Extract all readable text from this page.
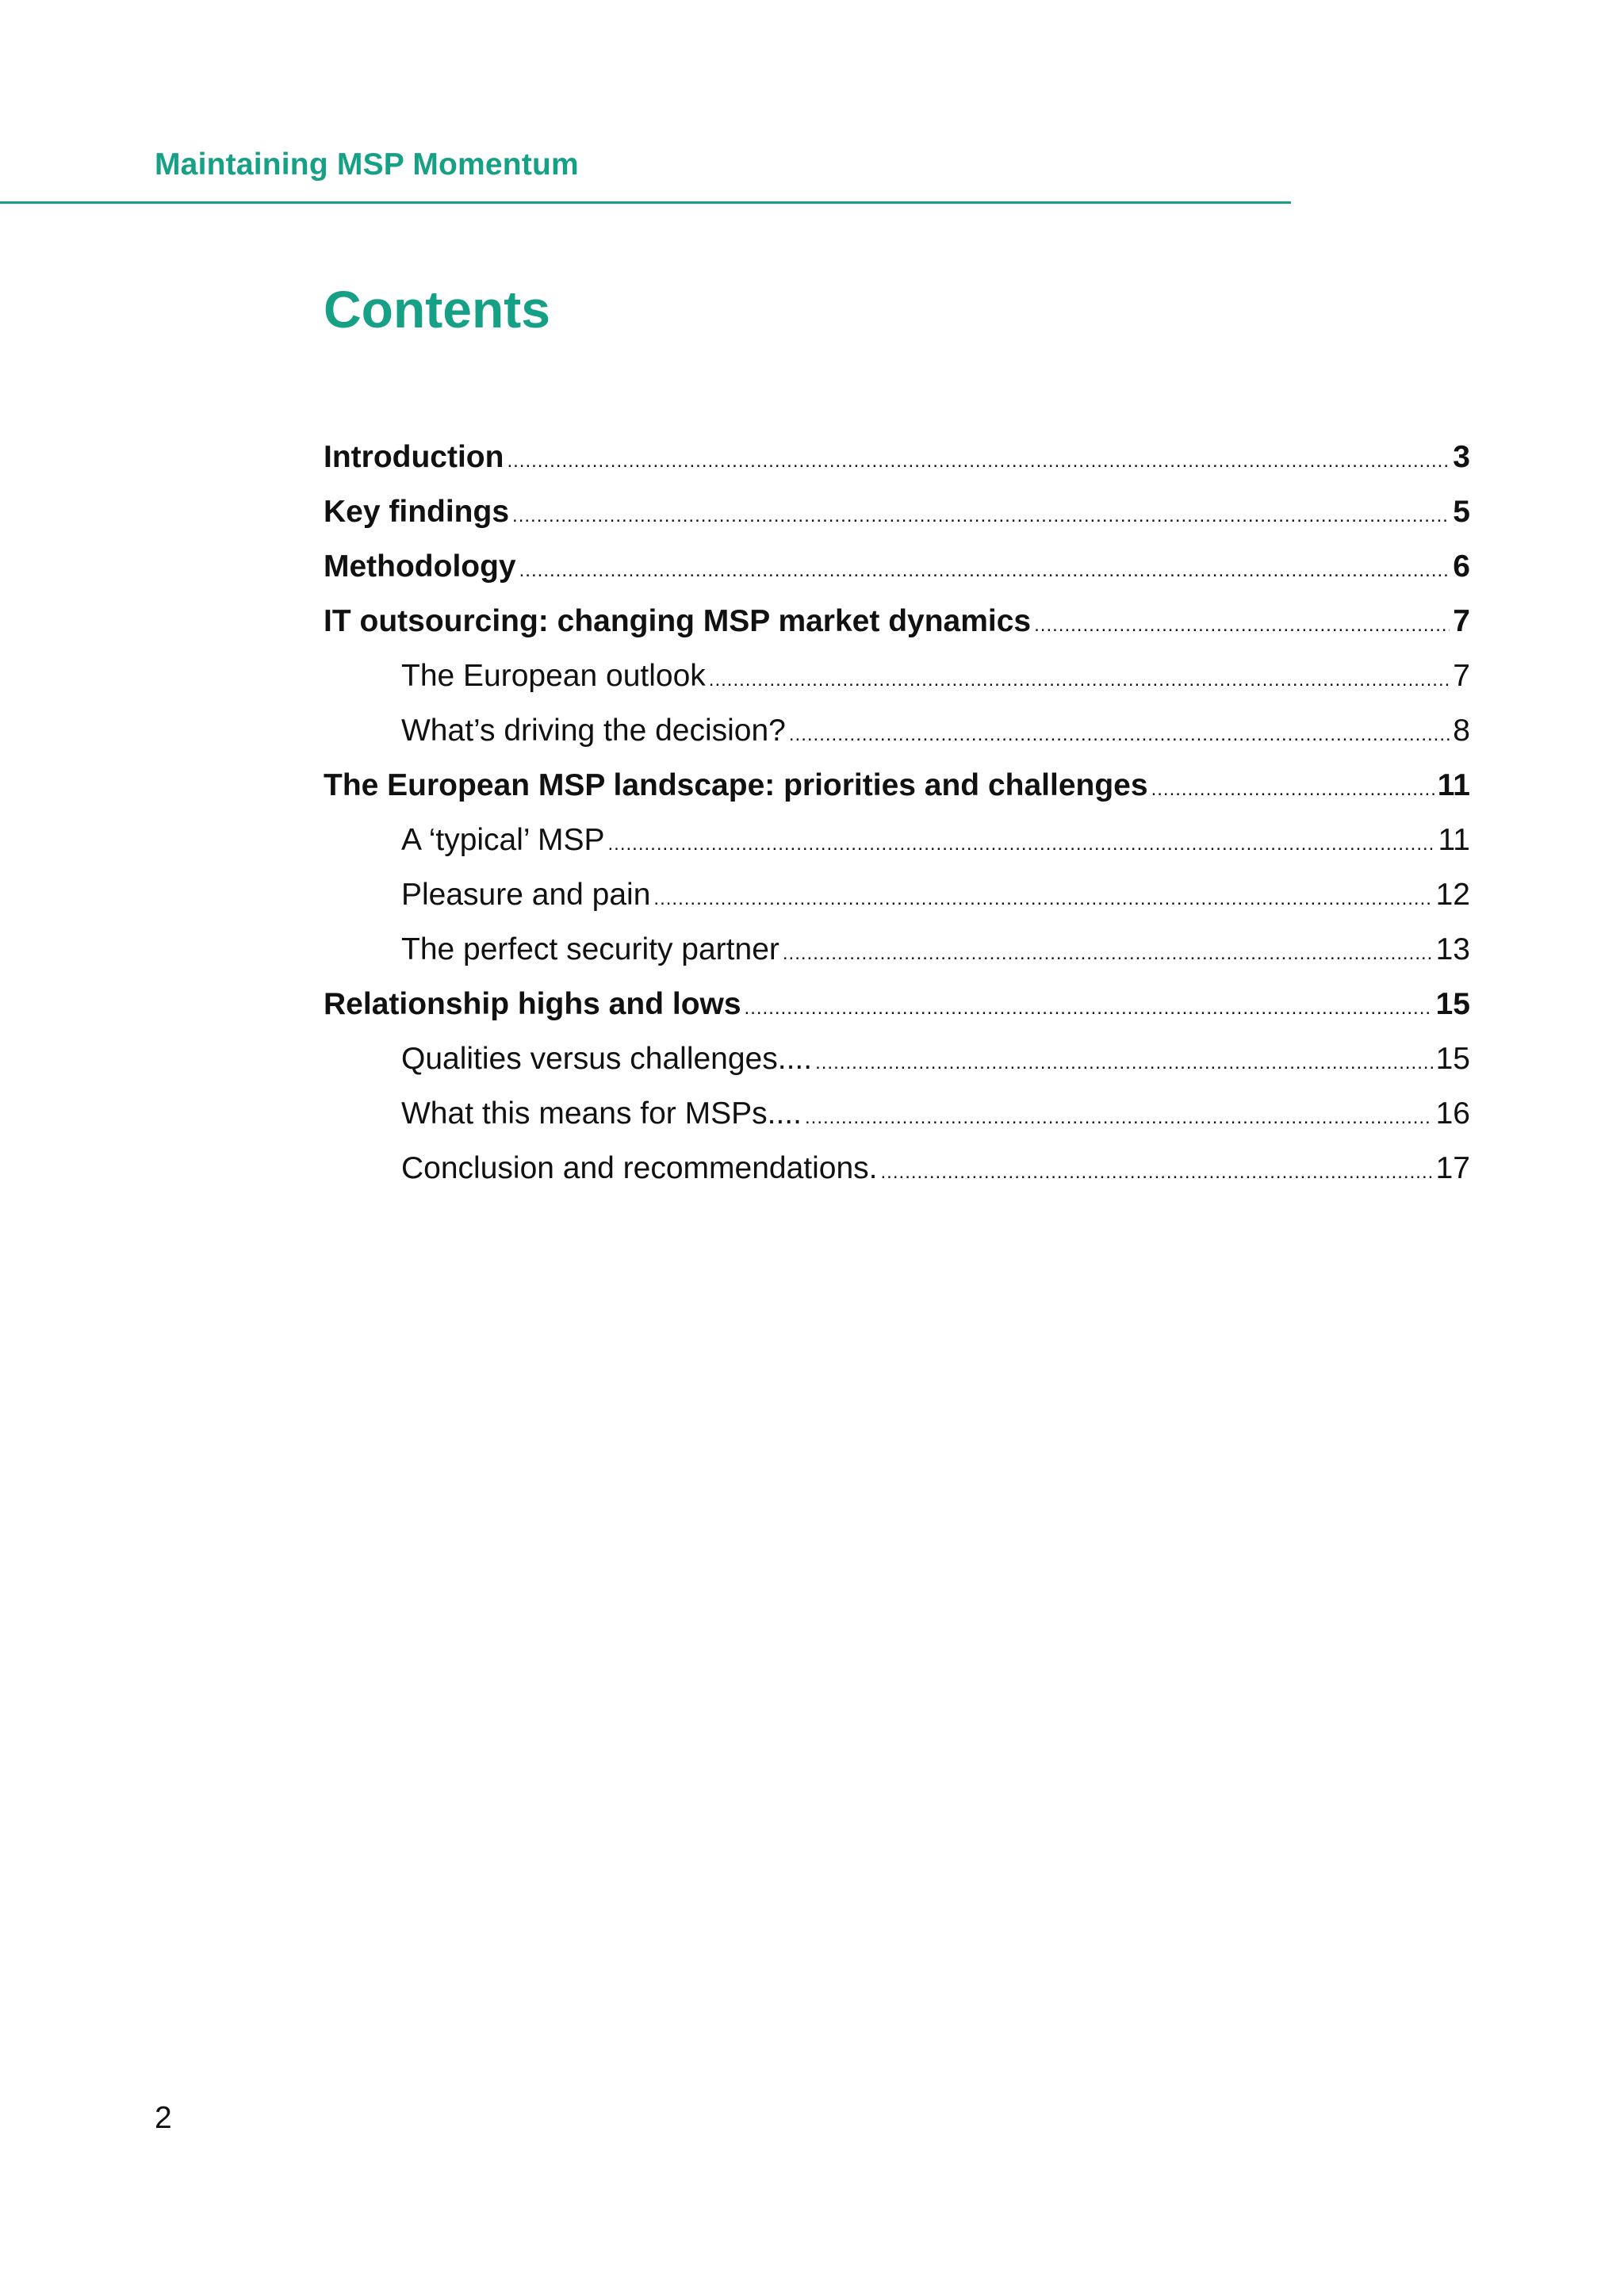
Maintaining MSP Momentum
Contents
Introduction .....	3
Key findings .....	5
Methodology .....	6
IT outsourcing: changing MSP market dynamics .....	7
The European outlook .....	7
What’s driving the decision? .....	8
The European MSP landscape: priorities and challenges .....	11
A ‘typical’ MSP .....	11
Pleasure and pain .....	12
The perfect security partner .....	13
Relationship highs and lows .....	15
Qualities versus challenges.... .....	15
What this means for MSPs.... .....	16
Conclusion and recommendations. .....	17
2
